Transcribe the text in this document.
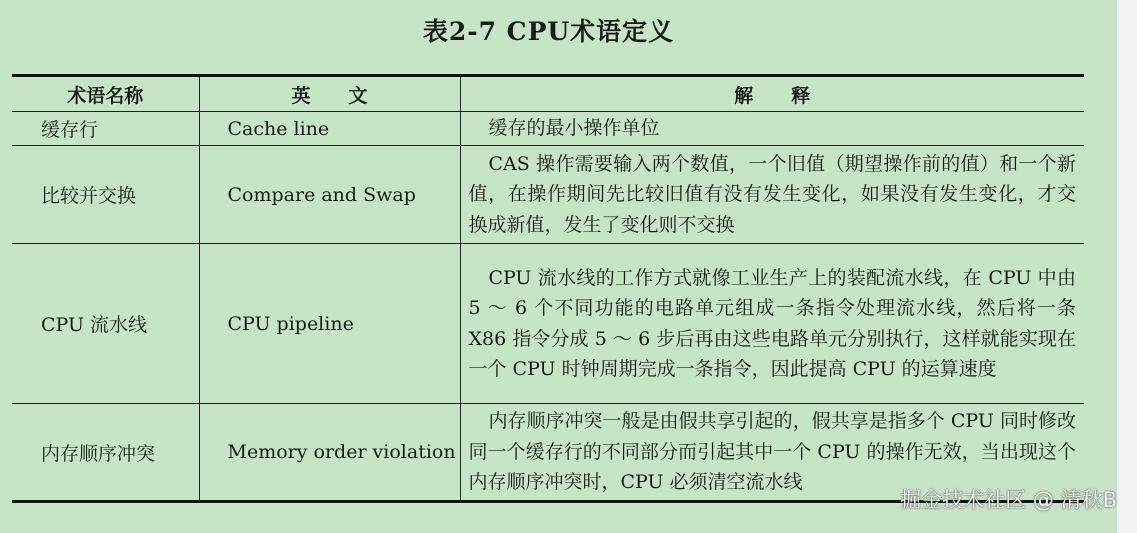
表2-7 CPU术语定义
术语名称	英　　文	解　　释
缓存行	Cache line	缓存的最小操作单位

比较并交换	Compare and Swap	CAS 操作需要输入两个数值，一个旧值（期望操作前的值）和一个新值，在操作期间先比较旧值有没有发生变化，如果没有发生变化，才交换成新值，发生了变化则不交换

CPU 流水线	CPU pipeline	CPU 流水线的工作方式就像工业生产上的装配流水线，在 CPU 中由 5 ～ 6 个不同功能的电路单元组成一条指令处理流水线，然后将一条 X86 指令分成 5 ～ 6 步后再由这些电路单元分别执行，这样就能实现在一个 CPU 时钟周期完成一条指令，因此提高 CPU 的运算速度

内存顺序冲突	Memory order violation	内存顺序冲突一般是由假共享引起的，假共享是指多个 CPU 同时修改同一个缓存行的不同部分而引起其中一个 CPU 的操作无效，当出现这个内存顺序冲突时，CPU 必须清空流水线
掘金技术社区 @ 清秋B
